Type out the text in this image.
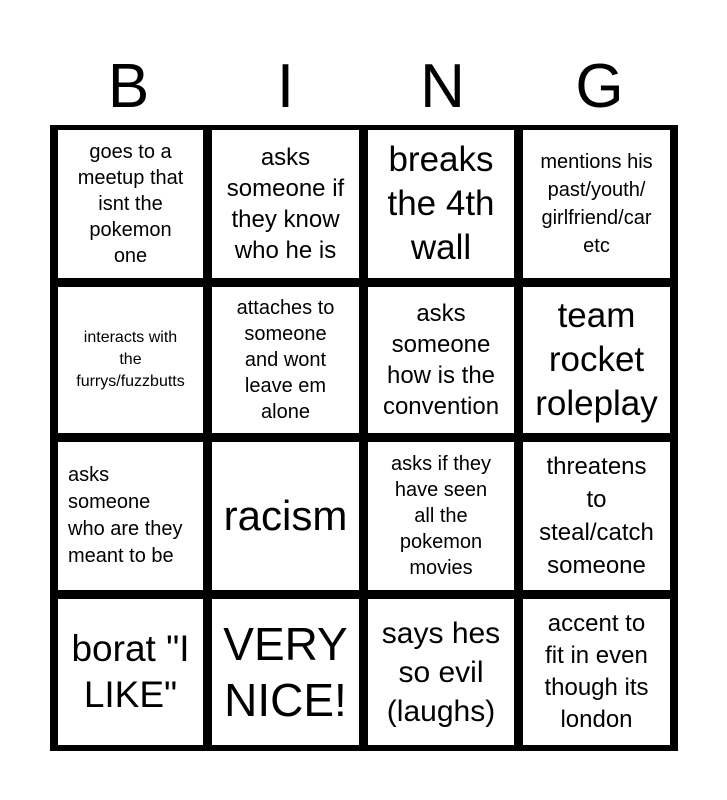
B	I	N	G
goes to a
meetup that
isnt the
pokemon
one
asks
someone if
they know
who he is
breaks
the 4th
wall
mentions his
past/youth/
girlfriend/car
etc
interacts with
the
furrys/fuzzbutts
attaches to
someone
and wont
leave em
alone
asks
someone
how is the
convention
team
rocket
roleplay
asks
someone
who are they
meant to be
racism
asks if they
have seen
all the
pokemon
movies
threatens
to
steal/catch
someone
borat "I
LIKE"
VERY
NICE!
says hes
so evil
(laughs)
accent to
fit in even
though its
london
